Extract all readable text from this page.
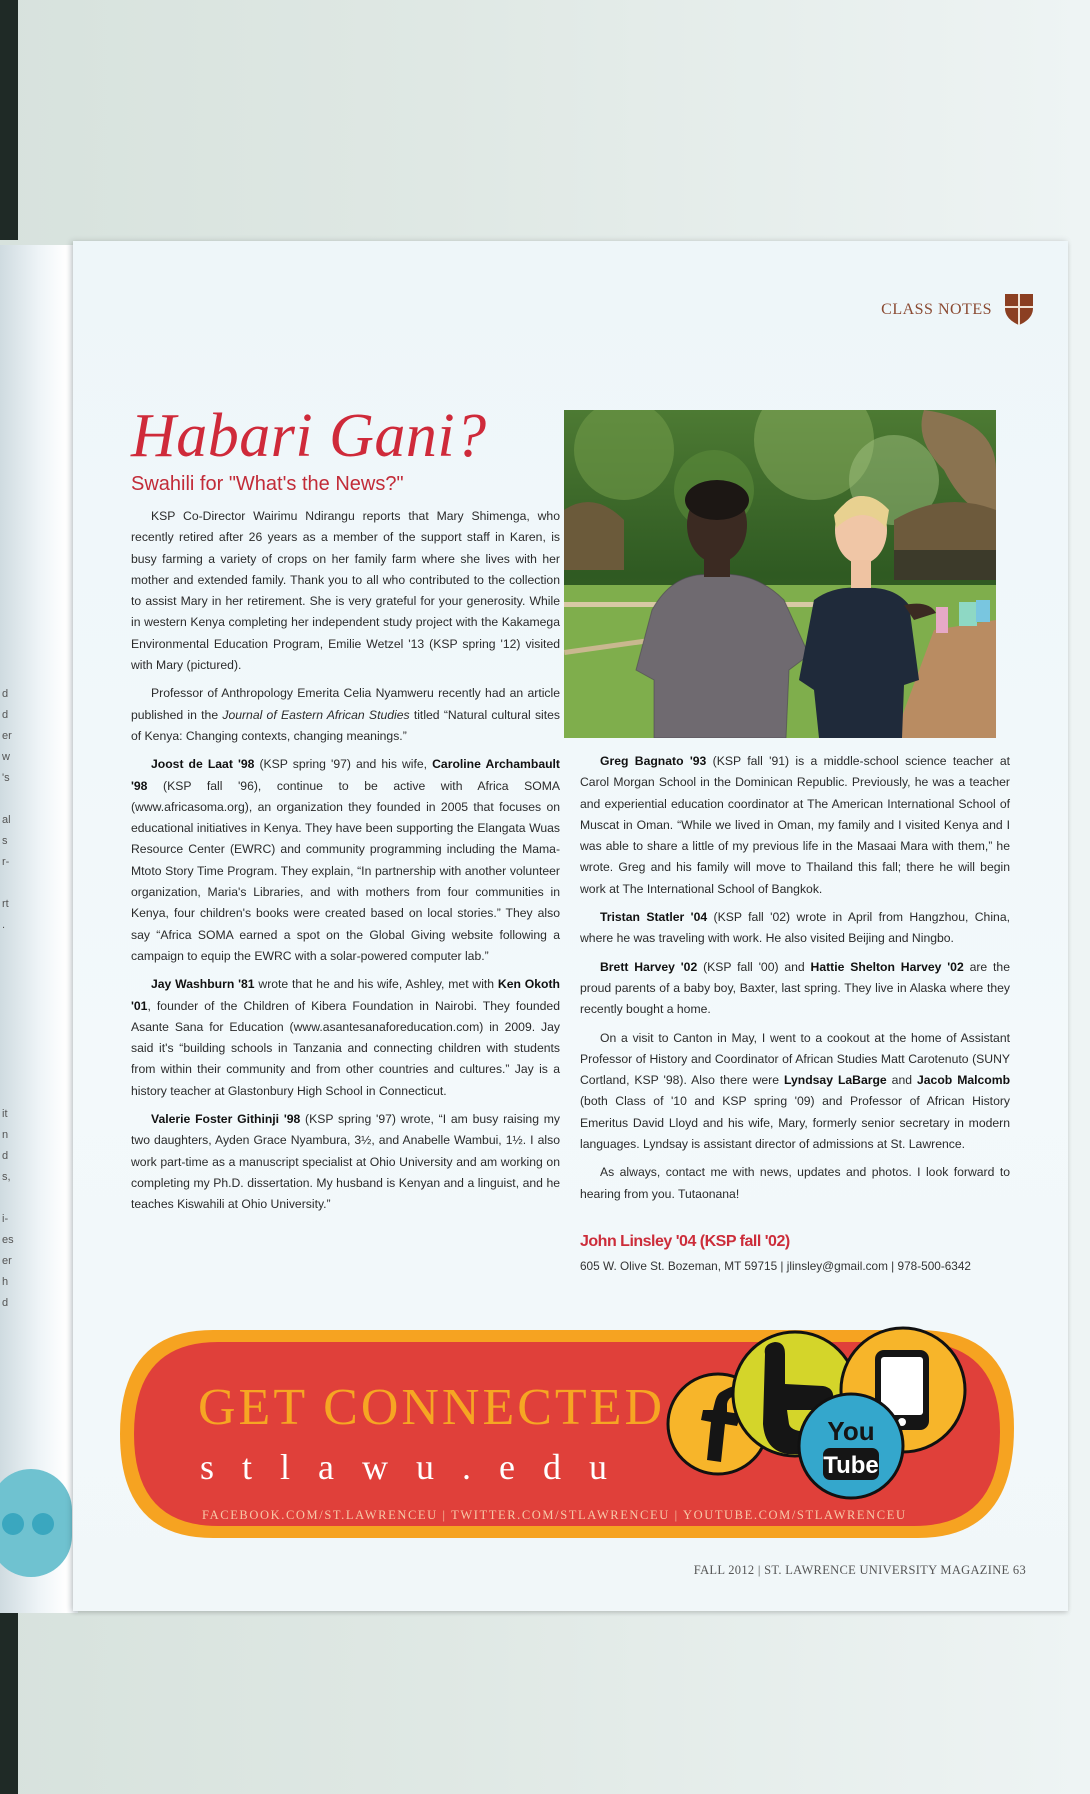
d
d
er
w
's
al
s
r-
rt
.
it
n
d
s,
i-
es
er
h
d
CLASS NOTES
Habari Gani?
Swahili for "What's the News?"

KSP Co-Director Wairimu Ndirangu reports that Mary Shimenga, who recently retired after 26 years as a member of the support staff in Karen, is busy farming a variety of crops on her family farm where she lives with her mother and extended family. Thank you to all who contributed to the collection to assist Mary in her retirement. She is very grateful for your generosity. While in western Kenya completing her independent study project with the Kakamega Environmental Education Program, Emilie Wetzel '13 (KSP spring '12) visited with Mary (pictured).

Professor of Anthropology Emerita Celia Nyamweru recently had an article published in the Journal of Eastern African Studies titled “Natural cultural sites of Kenya: Changing contexts, changing meanings.”

Joost de Laat '98 (KSP spring '97) and his wife, Caroline Archambault '98 (KSP fall '96), continue to be active with Africa SOMA (www.africasoma.org), an organization they founded in 2005 that focuses on educational initiatives in Kenya. They have been supporting the Elangata Wuas Resource Center (EWRC) and community programming including the Mama-Mtoto Story Time Program. They explain, “In partnership with another volunteer organization, Maria's Libraries, and with mothers from four communities in Kenya, four children's books were created based on local stories.” They also say “Africa SOMA earned a spot on the Global Giving website following a campaign to equip the EWRC with a solar-powered computer lab.”

Jay Washburn '81 wrote that he and his wife, Ashley, met with Ken Okoth '01, founder of the Children of Kibera Foundation in Nairobi. They founded Asante Sana for Education (www.asantesanaforeducation.com) in 2009. Jay said it's “building schools in Tanzania and connecting children with students from within their community and from other countries and cultures.” Jay is a history teacher at Glastonbury High School in Connecticut.

Valerie Foster Githinji '98 (KSP spring '97) wrote, “I am busy raising my two daughters, Ayden Grace Nyambura, 3½, and Anabelle Wambui, 1½. I also work part-time as a manuscript specialist at Ohio University and am working on completing my Ph.D. dissertation. My husband is Kenyan and a linguist, and he teaches Kiswahili at Ohio University.”

Greg Bagnato '93 (KSP fall '91) is a middle-school science teacher at Carol Morgan School in the Dominican Republic. Previously, he was a teacher and experiential education coordinator at The American International School of Muscat in Oman. “While we lived in Oman, my family and I visited Kenya and I was able to share a little of my previous life in the Masaai Mara with them,” he wrote. Greg and his family will move to Thailand this fall; there he will begin work at The International School of Bangkok.

Tristan Statler '04 (KSP fall '02) wrote in April from Hangzhou, China, where he was traveling with work. He also visited Beijing and Ningbo.

Brett Harvey '02 (KSP fall '00) and Hattie Shelton Harvey '02 are the proud parents of a baby boy, Baxter, last spring. They live in Alaska where they recently bought a home.

On a visit to Canton in May, I went to a cookout at the home of Assistant Professor of History and Coordinator of African Studies Matt Carotenuto (SUNY Cortland, KSP '98). Also there were Lyndsay LaBarge and Jacob Malcomb (both Class of '10 and KSP spring '09) and Professor of African History Emeritus David Lloyd and his wife, Mary, formerly senior secretary in modern languages. Lyndsay is assistant director of admissions at St. Lawrence.

As always, contact me with news, updates and photos. I look forward to hearing from you. Tutaonana!

John Linsley '04 (KSP fall '02)
605 W. Olive St. Bozeman, MT 59715 | jlinsley@gmail.com | 978-500-6342
GET CONNECTED
stlawu.edu
FACEBOOK.COM/ST.LAWRENCEU | TWITTER.COM/STLAWRENCEU | YOUTUBE.COM/STLAWRENCEU
You
Tube
FALL 2012 | ST. LAWRENCE UNIVERSITY MAGAZINE 63
